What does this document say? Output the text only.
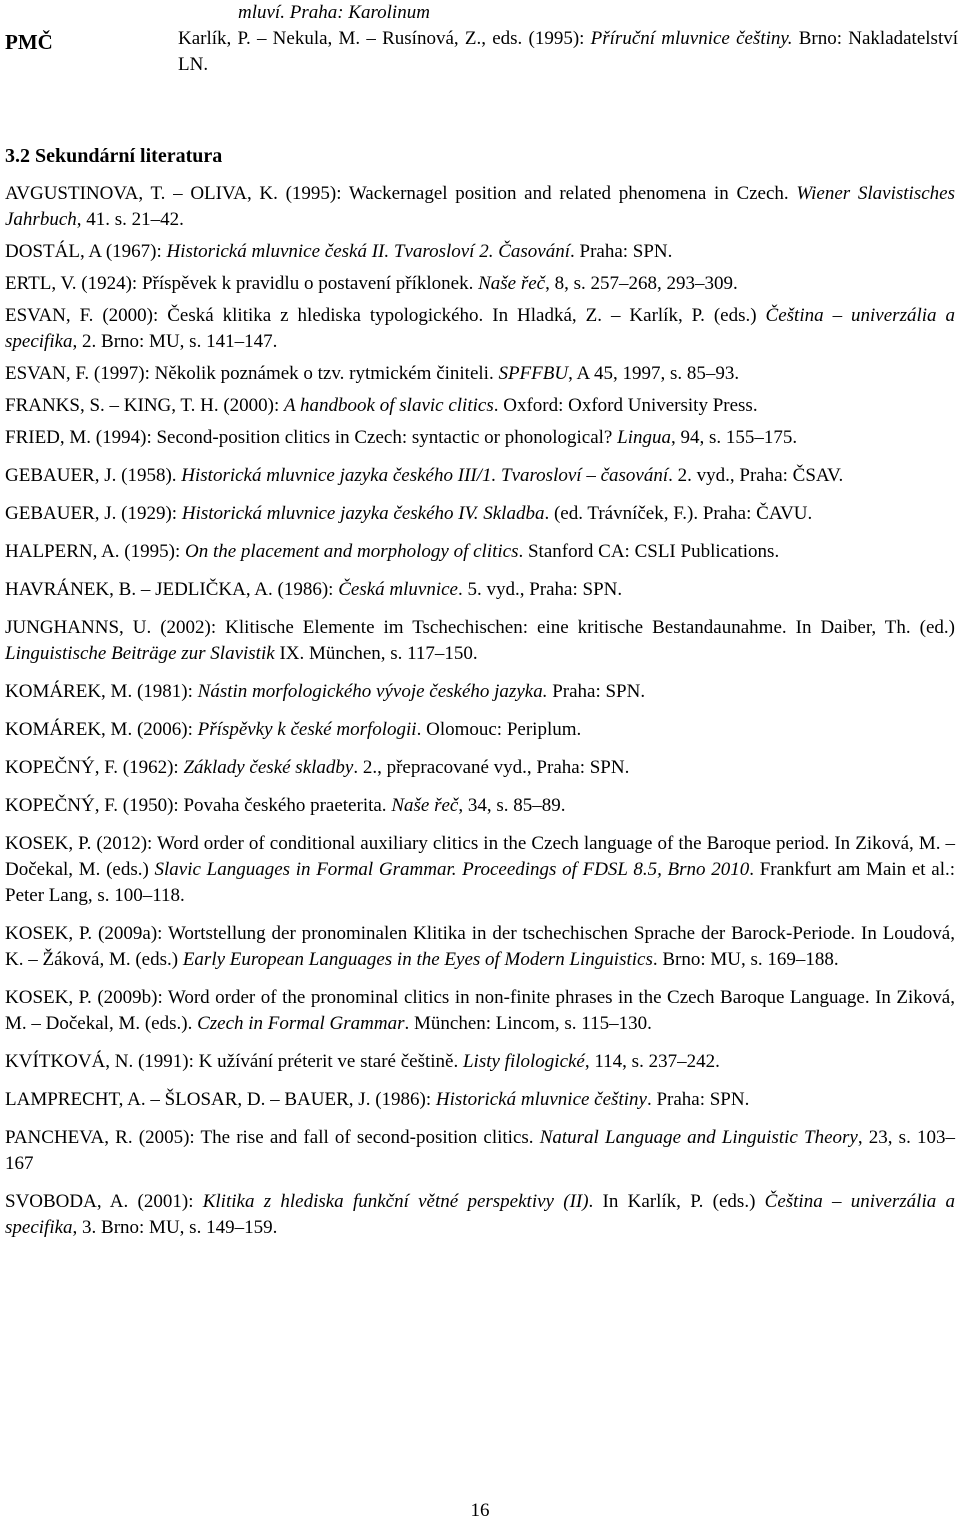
PMČ
mluví. Praha: Karolinum
Karlík, P. – Nekula, M. – Rusínová, Z., eds. (1995): Příruční mluvnice češtiny. Brno: Nakladatelství LN.
3.2 Sekundární literatura
AVGUSTINOVA, T. – OLIVA, K. (1995): Wackernagel position and related phenomena in Czech. Wiener Slavistisches Jahrbuch, 41. s. 21–42.
DOSTÁL, A (1967): Historická mluvnice česká II. Tvarosloví 2. Časování. Praha: SPN.
ERTL, V. (1924): Příspěvek k pravidlu o postavení příklonek. Naše řeč, 8, s. 257–268, 293–309.
ESVAN, F. (2000): Česká klitika z hlediska typologického. In Hladká, Z. – Karlík, P. (eds.) Čeština – univerzália a specifika, 2. Brno: MU, s. 141–147.
ESVAN, F. (1997): Několik poznámek o tzv. rytmickém činiteli. SPFFBU, A 45, 1997, s. 85–93.
FRANKS, S. – KING, T. H. (2000): A handbook of slavic clitics. Oxford: Oxford University Press.
FRIED, M. (1994): Second-position clitics in Czech: syntactic or phonological? Lingua, 94, s. 155–175.
GEBAUER, J. (1958). Historická mluvnice jazyka českého III/1. Tvarosloví – časování. 2. vyd., Praha: ČSAV.
GEBAUER, J. (1929): Historická mluvnice jazyka českého IV. Skladba. (ed. Trávníček, F.). Praha: ČAVU.
HALPERN, A. (1995): On the placement and morphology of clitics. Stanford CA: CSLI Publications.
HAVRÁNEK, B. – JEDLIČKA, A. (1986): Česká mluvnice. 5. vyd., Praha: SPN.
JUNGHANNS, U. (2002): Klitische Elemente im Tschechischen: eine kritische Bestandaunahme. In Daiber, Th. (ed.) Linguistische Beiträge zur Slavistik IX. München, s. 117–150.
KOMÁREK, M. (1981): Nástin morfologického vývoje českého jazyka. Praha: SPN.
KOMÁREK, M. (2006): Příspěvky k české morfologii. Olomouc: Periplum.
KOPEČNÝ, F. (1962): Základy české skladby. 2., přepracované vyd., Praha: SPN.
KOPEČNÝ, F. (1950): Povaha českého praeterita. Naše řeč, 34, s. 85–89.
KOSEK, P. (2012): Word order of conditional auxiliary clitics in the Czech language of the Baroque period. In Ziková, M. – Dočekal, M. (eds.) Slavic Languages in Formal Grammar. Proceedings of FDSL 8.5, Brno 2010. Frankfurt am Main et al.: Peter Lang, s. 100–118.
KOSEK, P. (2009a): Wortstellung der pronominalen Klitika in der tschechischen Sprache der Barock-Periode. In Loudová, K. – Žáková, M. (eds.) Early European Languages in the Eyes of Modern Linguistics. Brno: MU, s. 169–188.
KOSEK, P. (2009b): Word order of the pronominal clitics in non-finite phrases in the Czech Baroque Language. In Ziková, M. – Dočekal, M. (eds.). Czech in Formal Grammar. München: Lincom, s. 115–130.
KVÍTKOVÁ, N. (1991): K užívání préterit ve staré češtině. Listy filologické, 114, s. 237–242.
LAMPRECHT, A. – ŠLOSAR, D. – BAUER, J. (1986): Historická mluvnice češtiny. Praha: SPN.
PANCHEVA, R. (2005): The rise and fall of second-position clitics. Natural Language and Linguistic Theory, 23, s. 103–167
SVOBODA, A. (2001): Klitika z hlediska funkční větné perspektivy (II). In Karlík, P. (eds.) Čeština – univerzália a specifika, 3. Brno: MU, s. 149–159.
16
